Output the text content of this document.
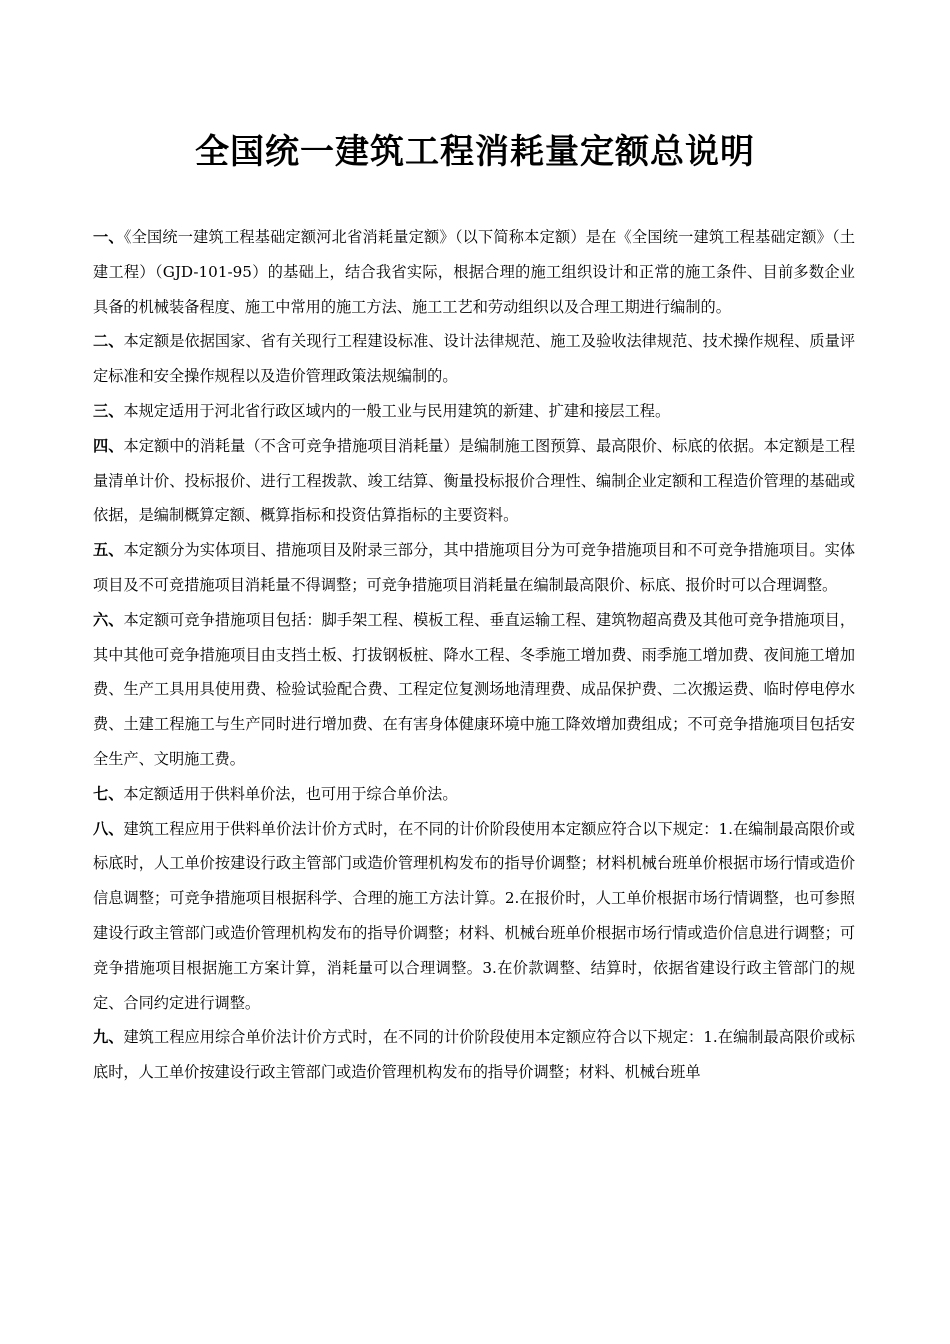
全国统一建筑工程消耗量定额总说明

一、《全国统一建筑工程基础定额河北省消耗量定额》（以下简称本定额）是在《全国统一建筑工程基础定额》（土建工程）（GJD-101-95）的基础上，结合我省实际，根据合理的施工组织设计和正常的施工条件、目前多数企业具备的机械装备程度、施工中常用的施工方法、施工工艺和劳动组织以及合理工期进行编制的。

二、本定额是依据国家、省有关现行工程建设标准、设计法律规范、施工及验收法律规范、技术操作规程、质量评定标准和安全操作规程以及造价管理政策法规编制的。

三、本规定适用于河北省行政区域内的一般工业与民用建筑的新建、扩建和接层工程。

四、本定额中的消耗量（不含可竞争措施项目消耗量）是编制施工图预算、最高限价、标底的依据。本定额是工程量清单计价、投标报价、进行工程拨款、竣工结算、衡量投标报价合理性、编制企业定额和工程造价管理的基础或依据，是编制概算定额、概算指标和投资估算指标的主要资料。

五、本定额分为实体项目、措施项目及附录三部分，其中措施项目分为可竞争措施项目和不可竞争措施项目。实体项目及不可竞措施项目消耗量不得调整；可竞争措施项目消耗量在编制最高限价、标底、报价时可以合理调整。

六、本定额可竞争措施项目包括：脚手架工程、模板工程、垂直运输工程、建筑物超高费及其他可竞争措施项目，其中其他可竞争措施项目由支挡土板、打拔钢板桩、降水工程、冬季施工增加费、雨季施工增加费、夜间施工增加费、生产工具用具使用费、检验试验配合费、工程定位复测场地清理费、成品保护费、二次搬运费、临时停电停水费、土建工程施工与生产同时进行增加费、在有害身体健康环境中施工降效增加费组成；不可竞争措施项目包括安全生产、文明施工费。

七、本定额适用于供料单价法，也可用于综合单价法。

八、建筑工程应用于供料单价法计价方式时，在不同的计价阶段使用本定额应符合以下规定：1.在编制最高限价或标底时，人工单价按建设行政主管部门或造价管理机构发布的指导价调整；材料机械台班单价根据市场行情或造价信息调整；可竞争措施项目根据科学、合理的施工方法计算。2.在报价时，人工单价根据市场行情调整，也可参照建设行政主管部门或造价管理机构发布的指导价调整；材料、机械台班单价根据市场行情或造价信息进行调整；可竞争措施项目根据施工方案计算，消耗量可以合理调整。3.在价款调整、结算时，依据省建设行政主管部门的规定、合同约定进行调整。

九、建筑工程应用综合单价法计价方式时，在不同的计价阶段使用本定额应符合以下规定：1.在编制最高限价或标底时，人工单价按建设行政主管部门或造价管理机构发布的指导价调整；材料、机械台班单
